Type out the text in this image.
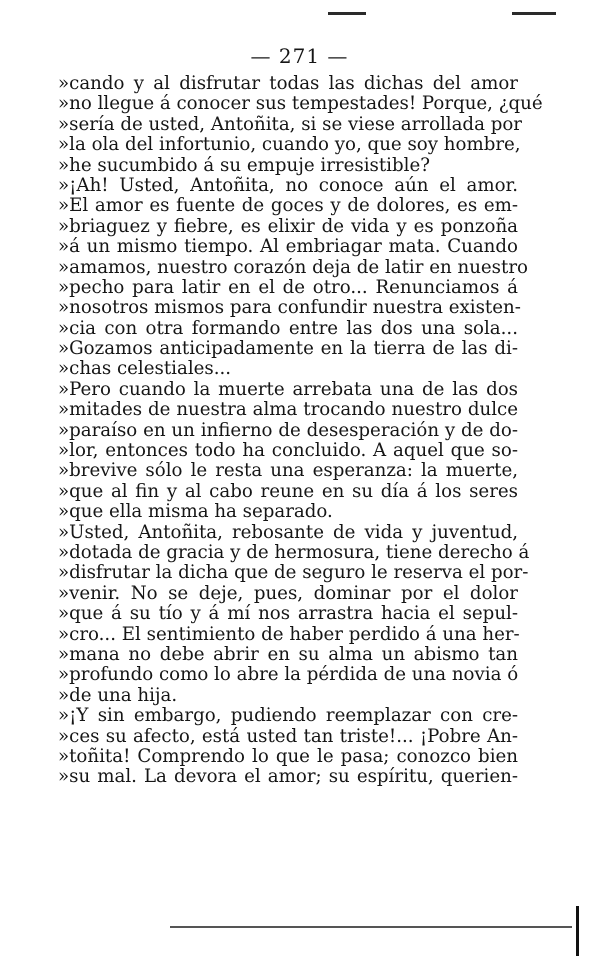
— 271 —
»cando y al disfrutar todas las dichas del amor
»no llegue á conocer sus tempestades! Porque, ¿qué
»sería de usted, Antoñita, si se viese arrollada por
»la ola del infortunio, cuando yo, que soy hombre,
»he sucumbido á su empuje irresistible?
»¡Ah! Usted, Antoñita, no conoce aún el amor.
»El amor es fuente de goces y de dolores, es em-
»briaguez y fiebre, es elixir de vida y es ponzoña
»á un mismo tiempo. Al embriagar mata. Cuando
»amamos, nuestro corazón deja de latir en nuestro
»pecho para latir en el de otro... Renunciamos á
»nosotros mismos para confundir nuestra existen-
»cia con otra formando entre las dos una sola...
»Gozamos anticipadamente en la tierra de las di-
»chas celestiales...
»Pero cuando la muerte arrebata una de las dos
»mitades de nuestra alma trocando nuestro dulce
»paraíso en un infierno de desesperación y de do-
»lor, entonces todo ha concluido. A aquel que so-
»brevive sólo le resta una esperanza: la muerte,
»que al fin y al cabo reune en su día á los seres
»que ella misma ha separado.
»Usted, Antoñita, rebosante de vida y juventud,
»dotada de gracia y de hermosura, tiene derecho á
»disfrutar la dicha que de seguro le reserva el por-
»venir. No se deje, pues, dominar por el dolor
»que á su tío y á mí nos arrastra hacia el sepul-
»cro... El sentimiento de haber perdido á una her-
»mana no debe abrir en su alma un abismo tan
»profundo como lo abre la pérdida de una novia ó
»de una hija.
»¡Y sin embargo, pudiendo reemplazar con cre-
»ces su afecto, está usted tan triste!... ¡Pobre An-
»toñita! Comprendo lo que le pasa; conozco bien
»su mal. La devora el amor; su espíritu, querien-
